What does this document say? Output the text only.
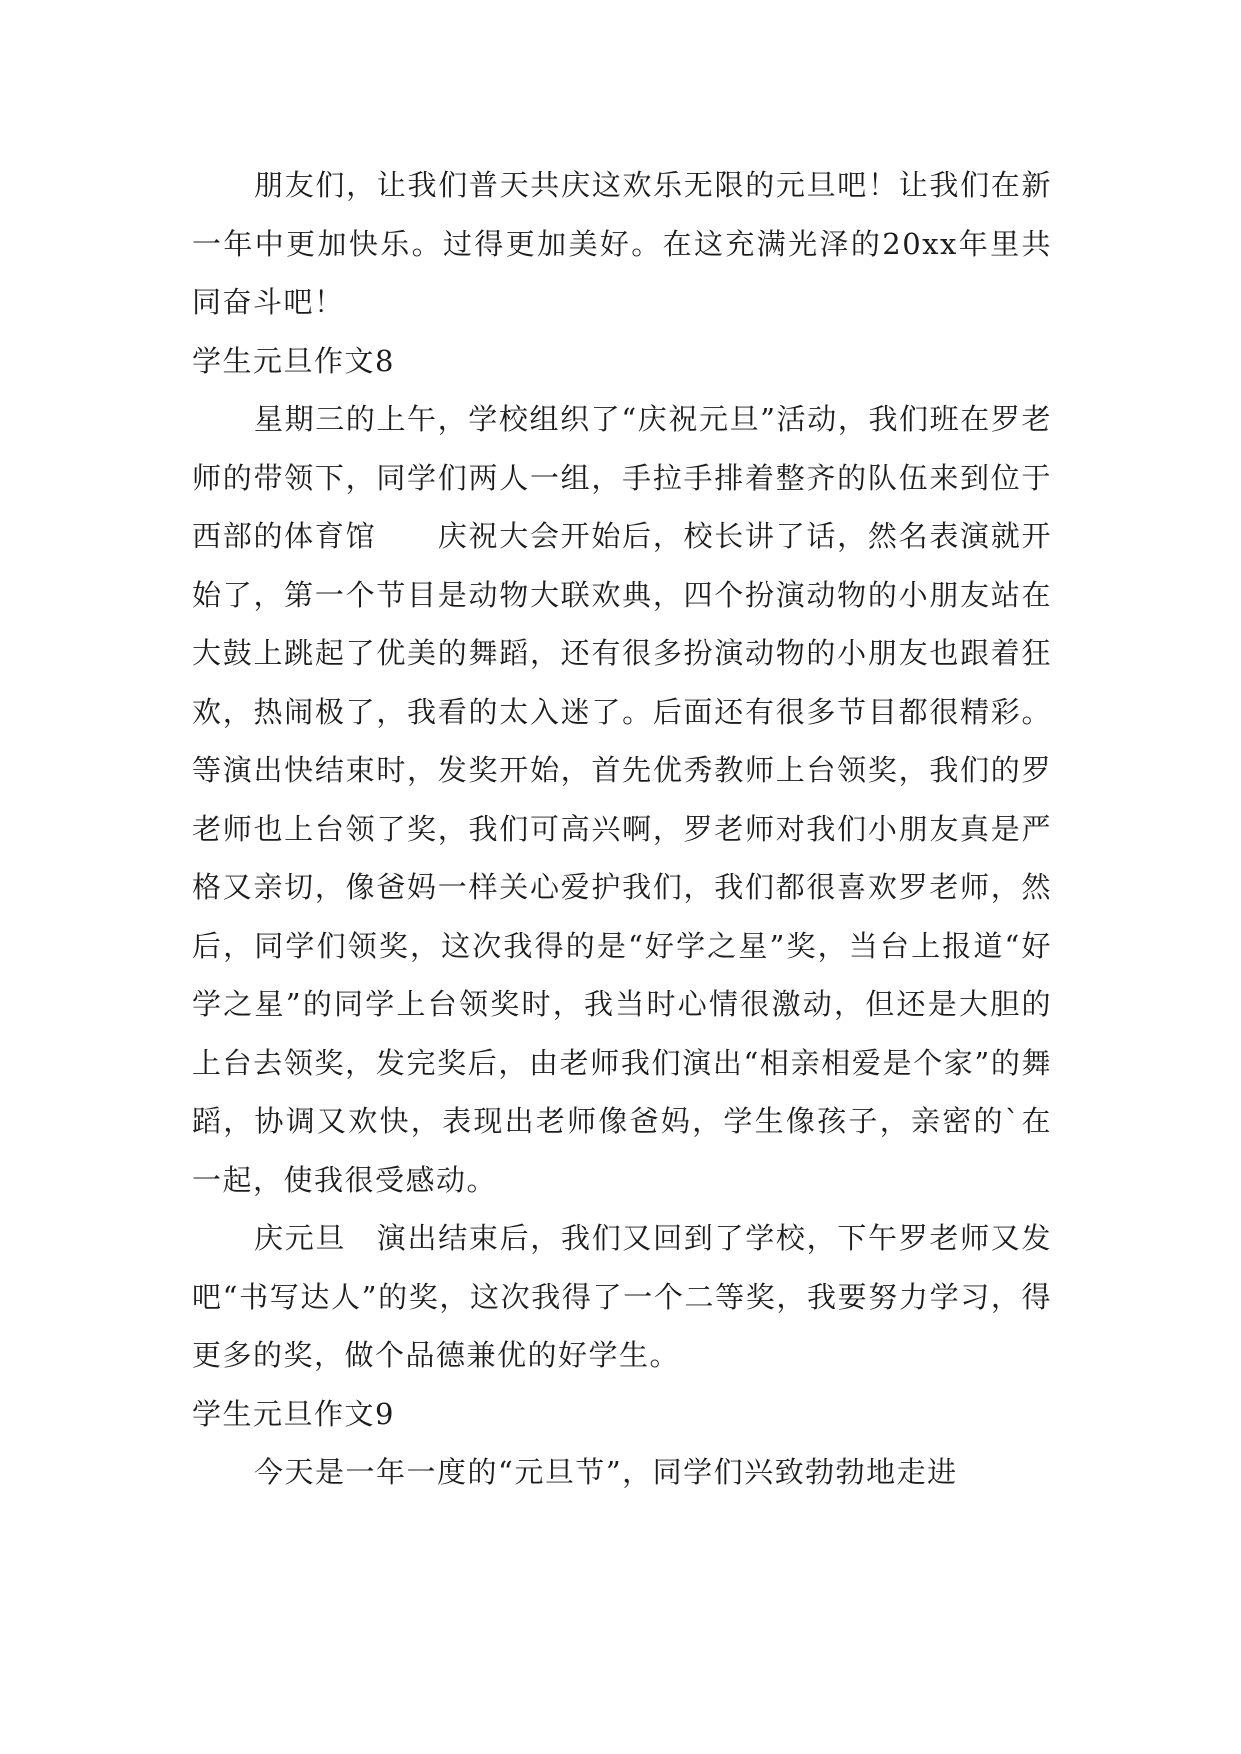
朋友们，让我们普天共庆这欢乐无限的元旦吧！让我们在新一年中更加快乐。过得更加美好。在这充满光泽的20xx年里共同奋斗吧！

学生元旦作文8

星期三的上午，学校组织了“庆祝元旦”活动，我们班在罗老师的带领下，同学们两人一组，手拉手排着整齐的队伍来到位于西部的体育馆　　庆祝大会开始后，校长讲了话，然名表演就开始了，第一个节目是动物大联欢典，四个扮演动物的小朋友站在大鼓上跳起了优美的舞蹈，还有很多扮演动物的小朋友也跟着狂欢，热闹极了，我看的太入迷了。后面还有很多节目都很精彩。等演出快结束时，发奖开始，首先优秀教师上台领奖，我们的罗老师也上台领了奖，我们可高兴啊，罗老师对我们小朋友真是严格又亲切，像爸妈一样关心爱护我们，我们都很喜欢罗老师，然后，同学们领奖，这次我得的是“好学之星”奖，当台上报道“好学之星”的同学上台领奖时，我当时心情很激动，但还是大胆的上台去领奖，发完奖后，由老师我们演出“相亲相爱是个家”的舞蹈，协调又欢快，表现出老师像爸妈，学生像孩子，亲密的`在一起，使我很受感动。

庆元旦　演出结束后，我们又回到了学校，下午罗老师又发吧“书写达人”的奖，这次我得了一个二等奖，我要努力学习，得更多的奖，做个品德兼优的好学生。

学生元旦作文9

今天是一年一度的“元旦节”，同学们兴致勃勃地走进
